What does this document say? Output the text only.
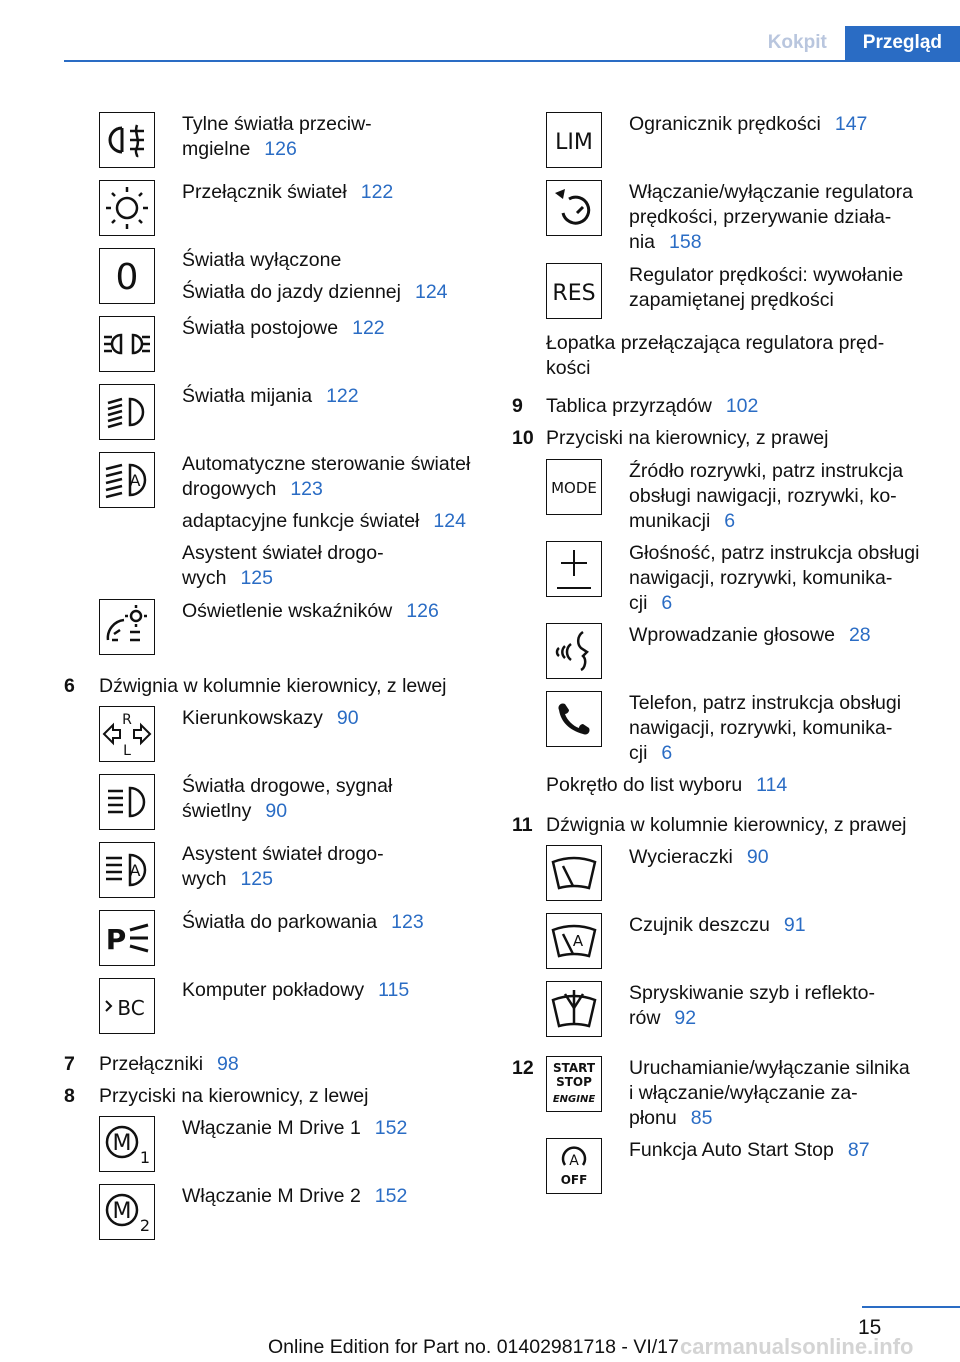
Kokpit	Przegląd
Tylne światła przeciw-
mgielne 126
Przełącznik świateł 122
0 Światła wyłączone
Światła do jazdy dziennej 124
Światła postojowe 122
Światła mijania 122
A
Automatyczne sterowanie świateł
drogowych 123
adaptacyjne funkcje świateł 124
Asystent świateł drogo-
wych 125
Oświetlenie wskaźników 126
6 Dźwignia w kolumnie kierownicy, z lewej
R
L
Kierunkowskazy 90
Światła drogowe, sygnał
świetlny 90
A
Asystent świateł drogo-
wych 125
P
Światła do parkowania 123
BC
Komputer pokładowy 115
7 Przełączniki 98
8 Przyciski na kierownicy, z lewej
M
1
Włączanie M Drive 1 152
M
2
Włączanie M Drive 2 152
LIM
Ogranicznik prędkości 147
Włączanie/wyłączanie regulatora
prędkości, przerywanie działa-
nia 158
RES
Regulator prędkości: wywołanie
zapamiętanej prędkości
Łopatka przełączająca regulatora pręd-
kości
9 Tablica przyrządów 102
10 Przyciski na kierownicy, z prawej
MODE
Źródło rozrywki, patrz instrukcja
obsługi nawigacji, rozrywki, ko-
munikacji 6
Głośność, patrz instrukcja obsługi
nawigacji, rozrywki, komunika-
cji 6
Wprowadzanie głosowe 28
Telefon, patrz instrukcja obsługi
nawigacji, rozrywki, komunika-
cji 6
Pokrętło do list wyboru 114
11 Dźwignia w kolumnie kierownicy, z prawej
Wycieraczki 90
A
Czujnik deszczu 91
Spryskiwanie szyb i reflekto-
rów 92
12 START
STOP
ENGINE
Uruchamianie/wyłączanie silnika
i włączanie/wyłączanie za-
płonu 85
A
OFF
Funkcja Auto Start Stop 87
15
Online Edition for Part no. 01402981718 - VI/17 carmanualsonline.info
